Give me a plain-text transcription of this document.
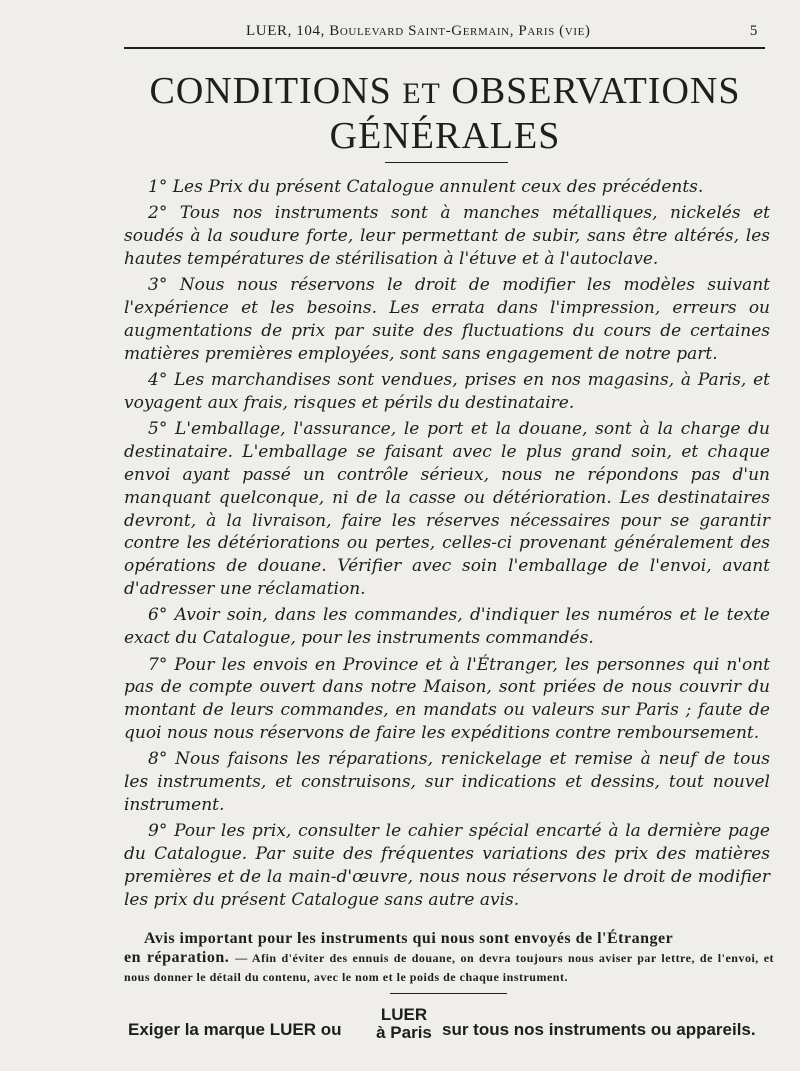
LUER, 104, Boulevard Saint-Germain, Paris (vie)	5
CONDITIONS ET OBSERVATIONS
GÉNÉRALES

1° Les Prix du présent Catalogue annulent ceux des précédents.

2° Tous nos instruments sont à manches métalliques, nickelés et soudés à la soudure forte, leur permettant de subir, sans être altérés, les hautes températures de stérilisation à l'étuve et à l'autoclave.

3° Nous nous réservons le droit de modifier les modèles suivant l'expérience et les besoins. Les errata dans l'impression, erreurs ou augmentations de prix par suite des fluctuations du cours de certaines matières premières employées, sont sans engagement de notre part.

4° Les marchandises sont vendues, prises en nos magasins, à Paris, et voyagent aux frais, risques et périls du destinataire.

5° L'emballage, l'assurance, le port et la douane, sont à la charge du destinataire. L'emballage se faisant avec le plus grand soin, et chaque envoi ayant passé un contrôle sérieux, nous ne répondons pas d'un manquant quelconque, ni de la casse ou détérioration. Les destinataires devront, à la livraison, faire les réserves nécessaires pour se garantir contre les détériorations ou pertes, celles-ci provenant généralement des opérations de douane. Vérifier avec soin l'emballage de l'envoi, avant d'adresser une réclamation.

6° Avoir soin, dans les commandes, d'indiquer les numéros et le texte exact du Catalogue, pour les instruments commandés.

7° Pour les envois en Province et à l'Étranger, les personnes qui n'ont pas de compte ouvert dans notre Maison, sont priées de nous couvrir du montant de leurs commandes, en mandats ou valeurs sur Paris ; faute de quoi nous nous réservons de faire les expéditions contre remboursement.

8° Nous faisons les réparations, renickelage et remise à neuf de tous les instruments, et construisons, sur indications et dessins, tout nouvel instrument.

9° Pour les prix, consulter le cahier spécial encarté à la dernière page du Catalogue. Par suite des fréquentes variations des prix des matières premières et de la main-d'œuvre, nous nous réservons le droit de modifier les prix du présent Catalogue sans autre avis.

Avis important pour les instruments qui nous sont envoyés de l'Étranger
en réparation. — Afin d'éviter des ennuis de douane, on devra toujours nous aviser par lettre, de l'envoi, et nous donner le détail du contenu, avec le nom et le poids de chaque instrument.
Exiger la marque LUER ou
LUER
à Paris sur tous nos instruments ou appareils.
